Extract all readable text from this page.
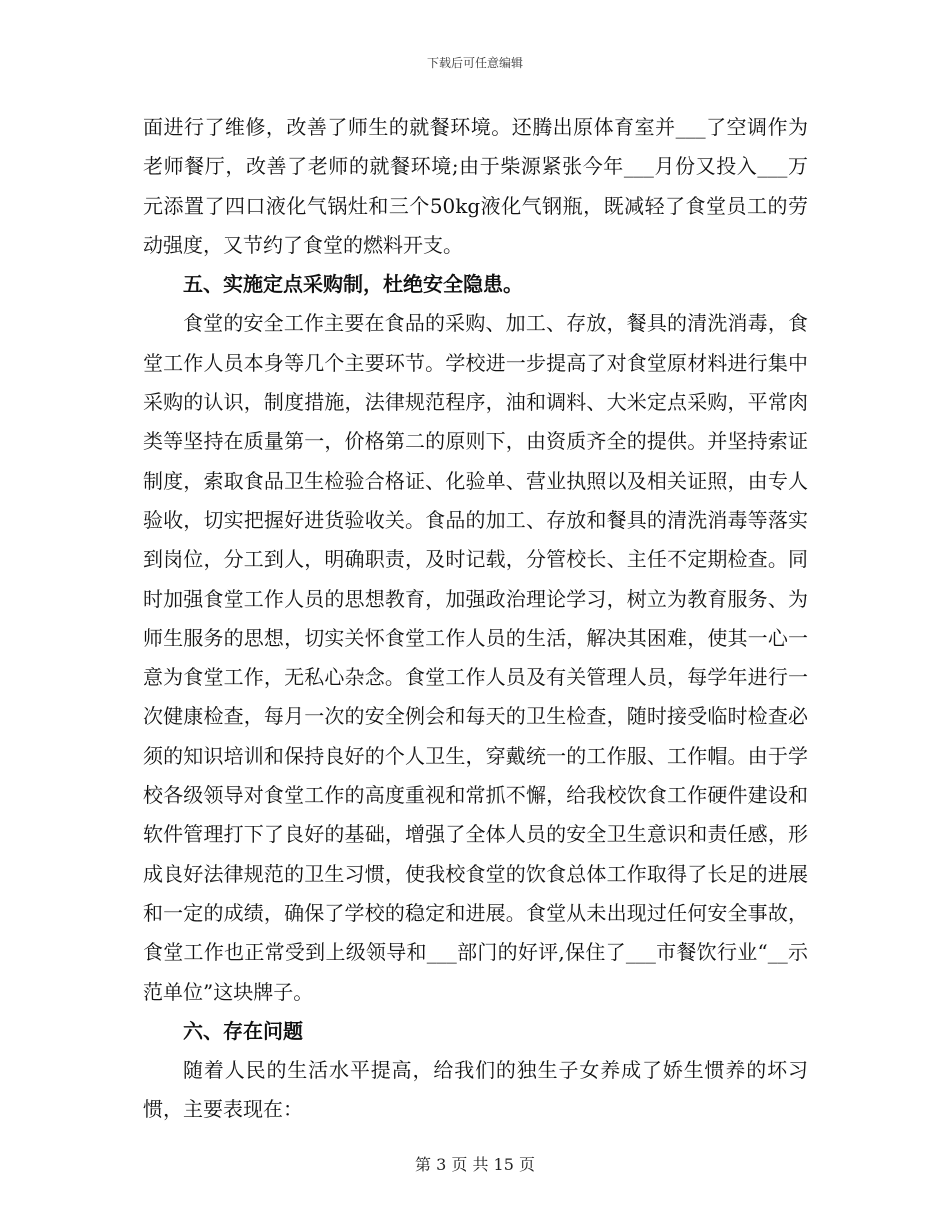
下载后可任意编辑

面进行了维修，改善了师生的就餐环境。还腾出原体育室并___了空调作为老师餐厅，改善了老师的就餐环境;由于柴源紧张今年___月份又投入___万元添置了四口液化气锅灶和三个50kg液化气钢瓶，既减轻了食堂员工的劳动强度，又节约了食堂的燃料开支。

五、实施定点采购制，杜绝安全隐患。

食堂的安全工作主要在食品的采购、加工、存放，餐具的清洗消毒，食堂工作人员本身等几个主要环节。学校进一步提高了对食堂原材料进行集中采购的认识，制度措施，法律规范程序，油和调料、大米定点采购，平常肉类等坚持在质量第一，价格第二的原则下，由资质齐全的提供。并坚持索证制度，索取食品卫生检验合格证、化验单、营业执照以及相关证照，由专人验收，切实把握好进货验收关。食品的加工、存放和餐具的清洗消毒等落实到岗位，分工到人，明确职责，及时记载，分管校长、主任不定期检查。同时加强食堂工作人员的思想教育，加强政治理论学习，树立为教育服务、为师生服务的思想，切实关怀食堂工作人员的生活，解决其困难，使其一心一意为食堂工作，无私心杂念。食堂工作人员及有关管理人员，每学年进行一次健康检查，每月一次的安全例会和每天的卫生检查，随时接受临时检查必须的知识培训和保持良好的个人卫生，穿戴统一的工作服、工作帽。由于学校各级领导对食堂工作的高度重视和常抓不懈，给我校饮食工作硬件建设和软件管理打下了良好的基础，增强了全体人员的安全卫生意识和责任感，形成良好法律规范的卫生习惯，使我校食堂的饮食总体工作取得了长足的进展和一定的成绩，确保了学校的稳定和进展。食堂从未出现过任何安全事故，食堂工作也正常受到上级领导和___部门的好评,保住了___市餐饮行业“__示范单位”这块牌子。

六、存在问题

随着人民的生活水平提高，给我们的独生子女养成了娇生惯养的坏习惯，主要表现在：

第 3 页 共 15 页
